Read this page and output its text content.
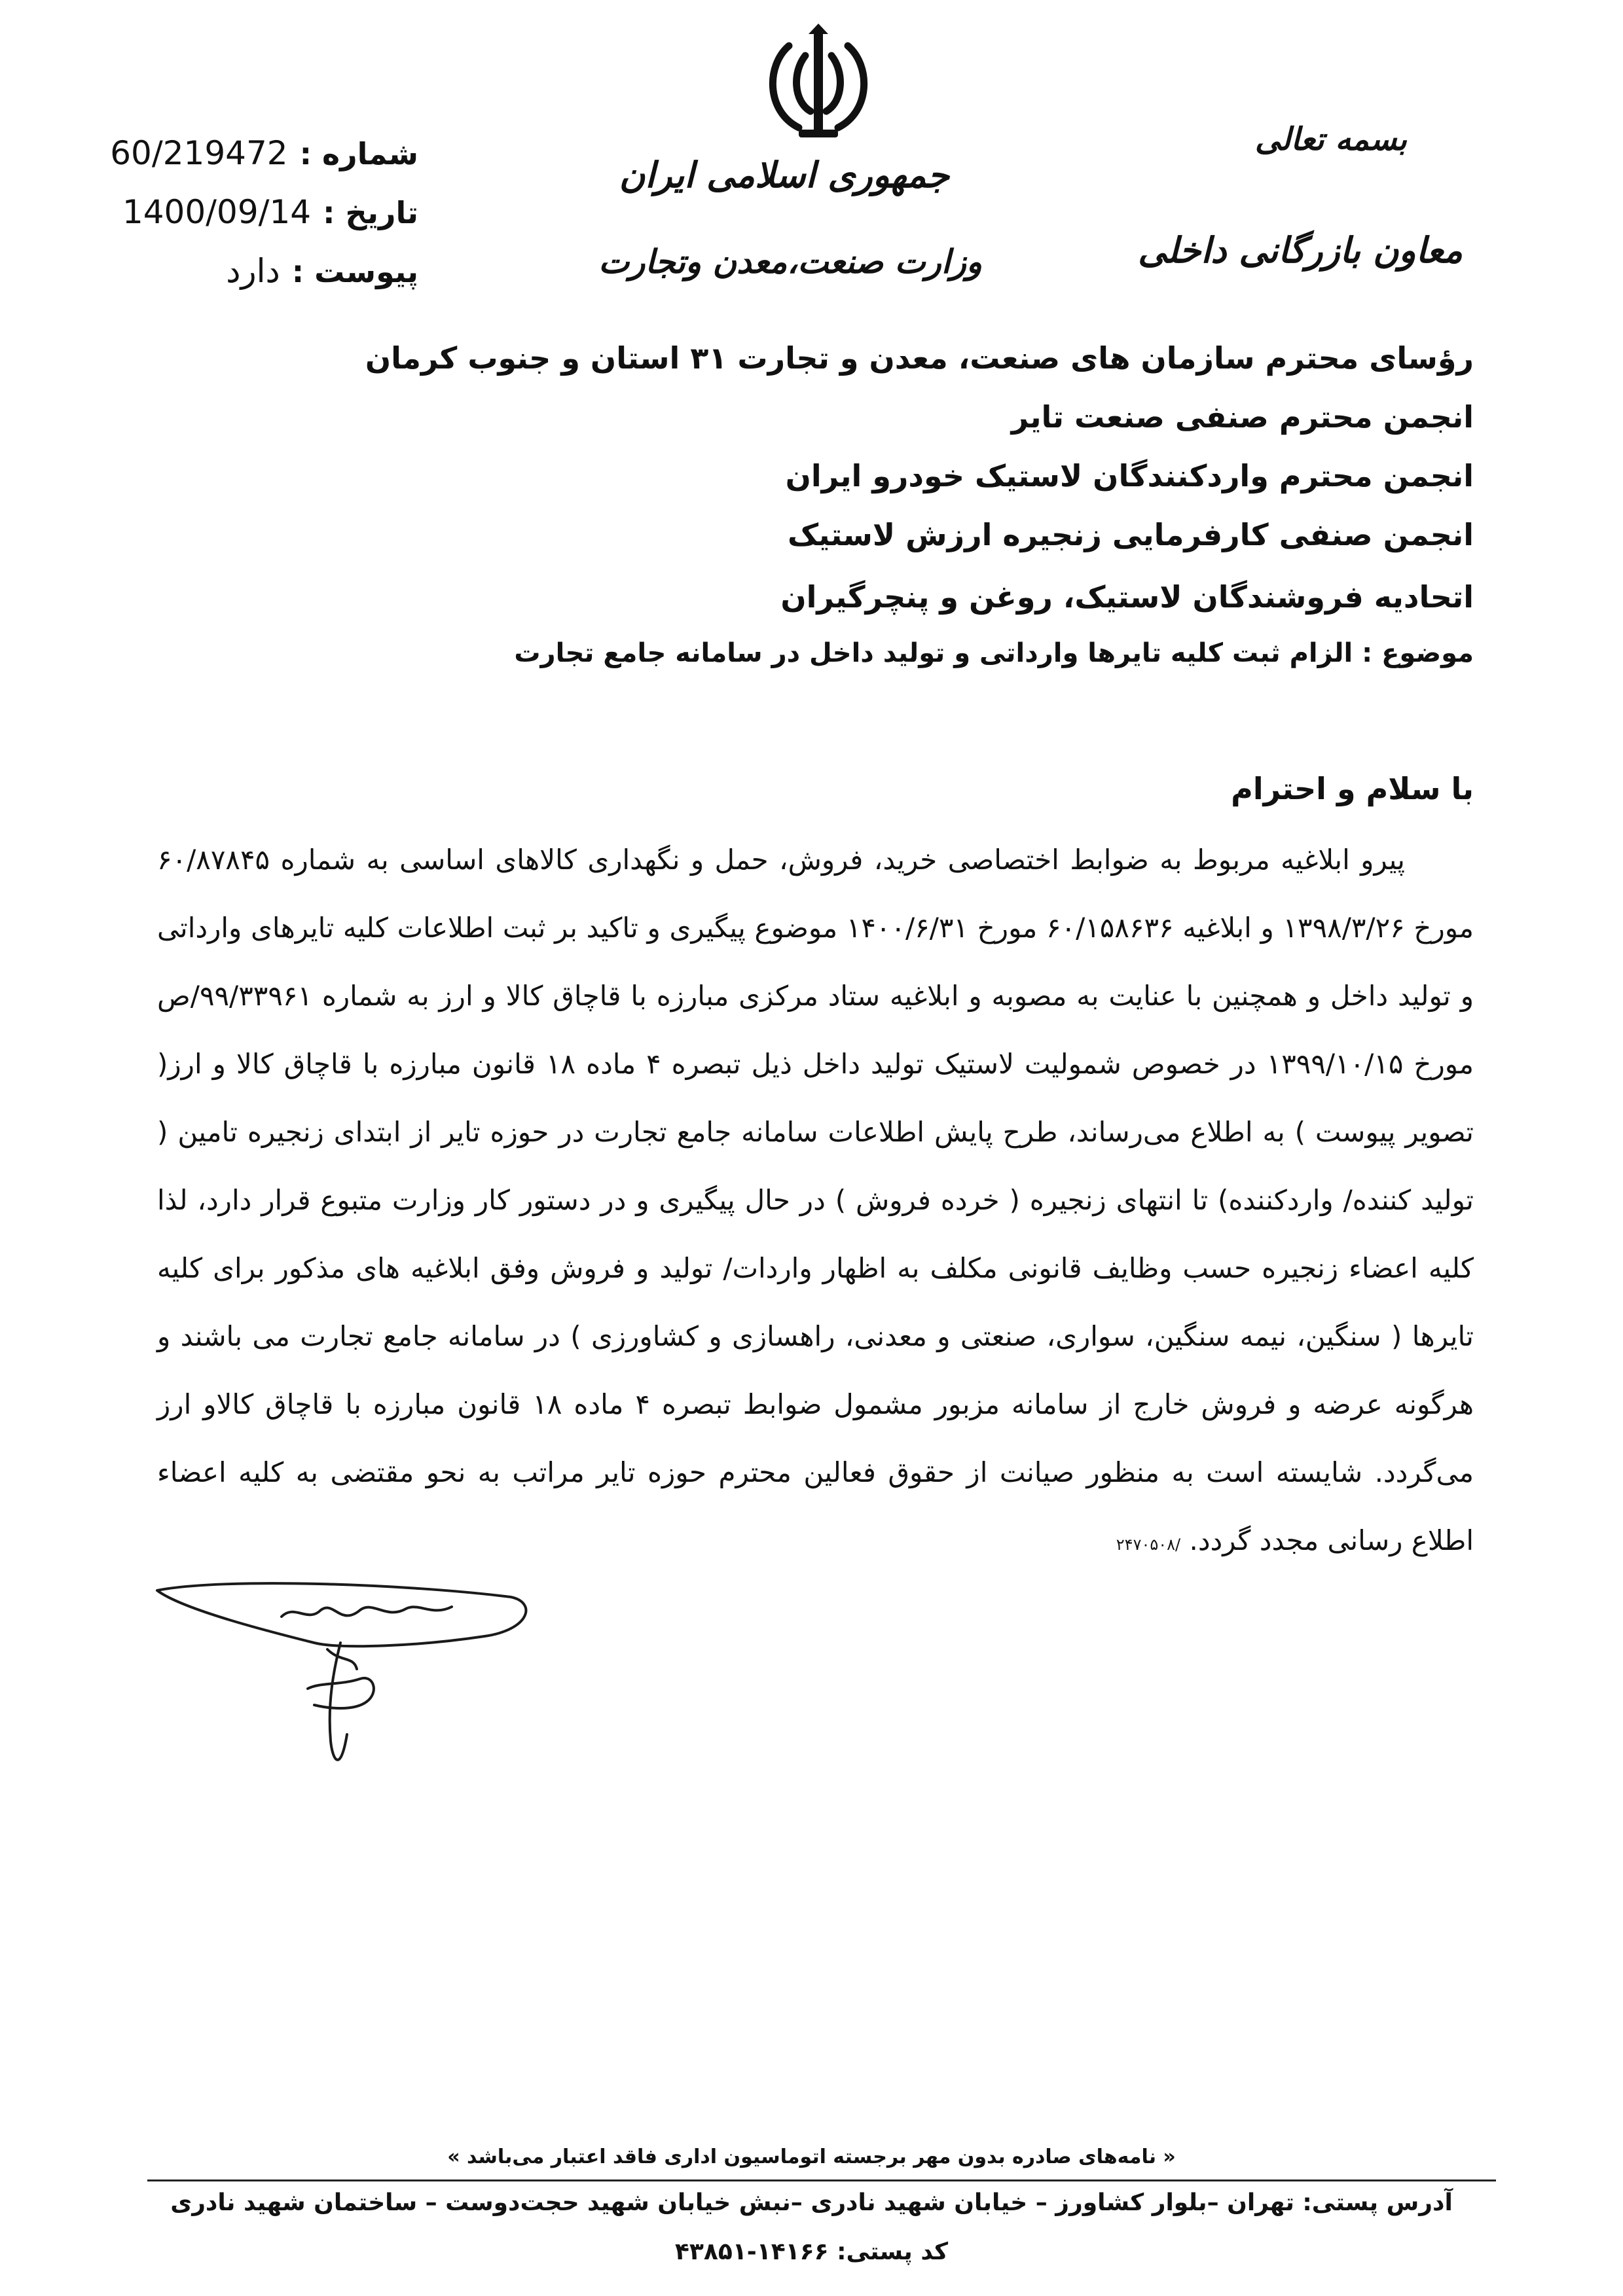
جمهوری اسلامی ایران
وزارت صنعت،معدن وتجارت
بسمه تعالی
معاون بازرگانی داخلی
شماره :60/219472
تاریخ :1400/09/14
پیوست :دارد
رؤسای محترم سازمان های صنعت، معدن و تجارت ۳۱ استان و جنوب کرمان
انجمن محترم صنفی صنعت تایر
انجمن محترم واردکنندگان لاستیک خودرو ایران
انجمن صنفی کارفرمایی زنجیره ارزش لاستیک
اتحادیه فروشندگان لاستیک، روغن و پنچرگیران
موضوع : الزام ثبت کلیه تایرها وارداتی و تولید داخل در سامانه جامع تجارت
با سلام و احترام

پیرو ابلاغیه مربوط به ضوابط اختصاصی خرید، فروش، حمل و نگهداری کالاهای اساسی به شماره ۶۰/۸۷۸۴۵ مورخ ۱۳۹۸/۳/۲۶ و ابلاغیه ۶۰/۱۵۸۶۳۶ مورخ ۱۴۰۰/۶/۳۱ موضوع پیگیری و تاکید بر ثبت اطلاعات کلیه تایرهای وارداتی و تولید داخل و همچنین با عنایت به مصوبه و ابلاغیه ستاد مرکزی مبارزه با قاچاق کالا و ارز به شماره ۹۹/۳۳۹۶۱/ص مورخ ۱۳۹۹/۱۰/۱۵ در خصوص شمولیت لاستیک تولید داخل ذیل تبصره ۴ ماده ۱۸ قانون مبارزه با قاچاق کالا و ارز( تصویر پیوست ) به اطلاع می‌رساند، طرح پایش اطلاعات سامانه جامع تجارت در حوزه تایر از ابتدای زنجیره تامین ( تولید کننده/ واردکننده) تا انتهای زنجیره ( خرده فروش ) در حال پیگیری و در دستور کار وزارت متبوع قرار دارد، لذا کلیه اعضاء زنجیره حسب وظایف قانونی مکلف به اظهار واردات/ تولید و فروش وفق ابلاغیه های مذکور برای کلیه تایرها ( سنگین، نیمه سنگین، سواری، صنعتی و معدنی، راهسازی و کشاورزی ) در سامانه جامع تجارت می باشند و هرگونه عرضه و فروش خارج از سامانه مزبور مشمول ضوابط تبصره ۴ ماده ۱۸ قانون مبارزه با قاچاق کالاو ارز می‌گردد. شایسته است به منظور صیانت از حقوق فعالین محترم حوزه تایر مراتب به نحو مقتضی به کلیه اعضاء اطلاع رسانی مجدد گردد. /۲۴۷۰۵۰۸

« نامه‌های صادره بدون مهر برجسته اتوماسیون اداری فاقد اعتبار می‌باشد »
آدرس پستی: تهران –بلوار کشاورز – خیابان شهید نادری –نبش خیابان شهید حجت‌دوست – ساختمان شهید نادری
کد پستی: ۱۴۱۶۶-۴۳۸۵۱
